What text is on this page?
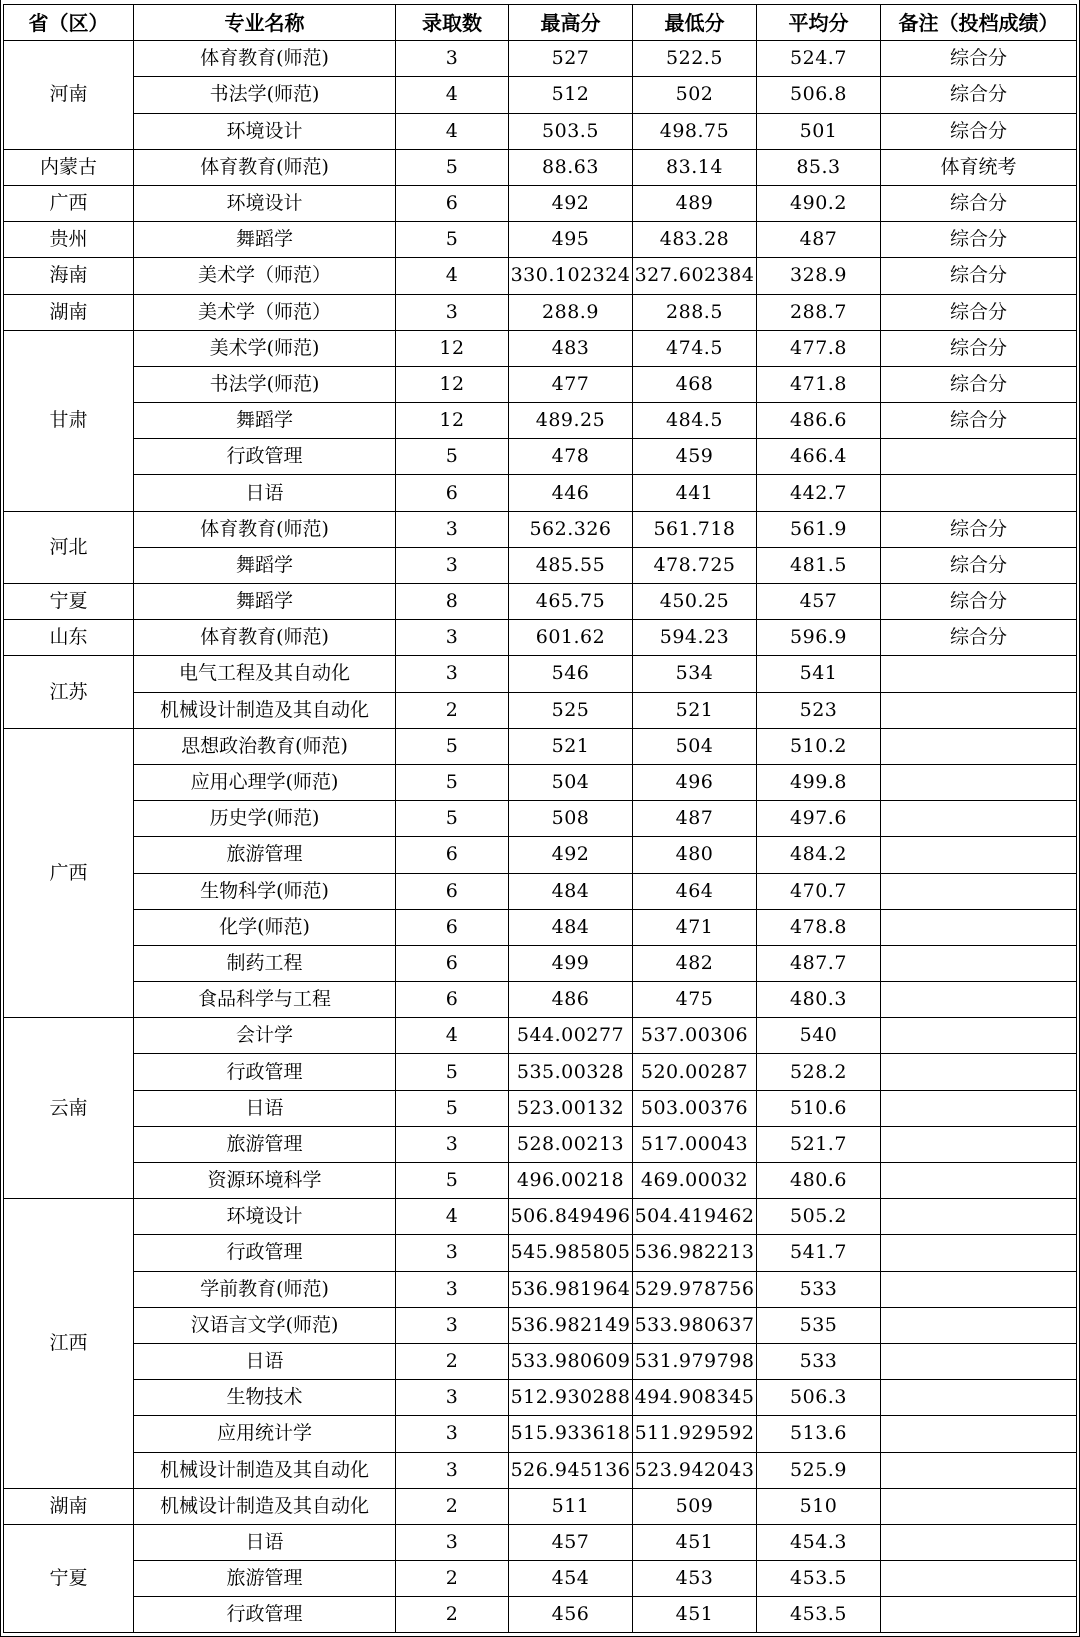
省（区）	专业名称	录取数	最高分	最低分	平均分	备注（投档成绩）
河南	体育教育(师范)	3	527	522.5	524.7	综合分
	书法学(师范)	4	512	502	506.8	综合分
	环境设计	4	503.5	498.75	501	综合分
内蒙古	体育教育(师范)	5	88.63	83.14	85.3	体育统考
广西	环境设计	6	492	489	490.2	综合分
贵州	舞蹈学	5	495	483.28	487	综合分
海南	美术学（师范）	4	330.102324	327.602384	328.9	综合分
湖南	美术学（师范）	3	288.9	288.5	288.7	综合分
甘肃	美术学(师范)	12	483	474.5	477.8	综合分
	书法学(师范)	12	477	468	471.8	综合分
	舞蹈学	12	489.25	484.5	486.6	综合分
	行政管理	5	478	459	466.4	
	日语	6	446	441	442.7	
河北	体育教育(师范)	3	562.326	561.718	561.9	综合分
	舞蹈学	3	485.55	478.725	481.5	综合分
宁夏	舞蹈学	8	465.75	450.25	457	综合分
山东	体育教育(师范)	3	601.62	594.23	596.9	综合分
江苏	电气工程及其自动化	3	546	534	541	
	机械设计制造及其自动化	2	525	521	523	
广西	思想政治教育(师范)	5	521	504	510.2	
	应用心理学(师范)	5	504	496	499.8	
	历史学(师范)	5	508	487	497.6	
	旅游管理	6	492	480	484.2	
	生物科学(师范)	6	484	464	470.7	
	化学(师范)	6	484	471	478.8	
	制药工程	6	499	482	487.7	
	食品科学与工程	6	486	475	480.3	
云南	会计学	4	544.00277	537.00306	540	
	行政管理	5	535.00328	520.00287	528.2	
	日语	5	523.00132	503.00376	510.6	
	旅游管理	3	528.00213	517.00043	521.7	
	资源环境科学	5	496.00218	469.00032	480.6	
江西	环境设计	4	506.849496	504.419462	505.2	
	行政管理	3	545.985805	536.982213	541.7	
	学前教育(师范)	3	536.981964	529.978756	533	
	汉语言文学(师范)	3	536.982149	533.980637	535	
	日语	2	533.980609	531.979798	533	
	生物技术	3	512.930288	494.908345	506.3	
	应用统计学	3	515.933618	511.929592	513.6	
	机械设计制造及其自动化	3	526.945136	523.942043	525.9	
湖南	机械设计制造及其自动化	2	511	509	510	
宁夏	日语	3	457	451	454.3	
	旅游管理	2	454	453	453.5	
	行政管理	2	456	451	453.5	
